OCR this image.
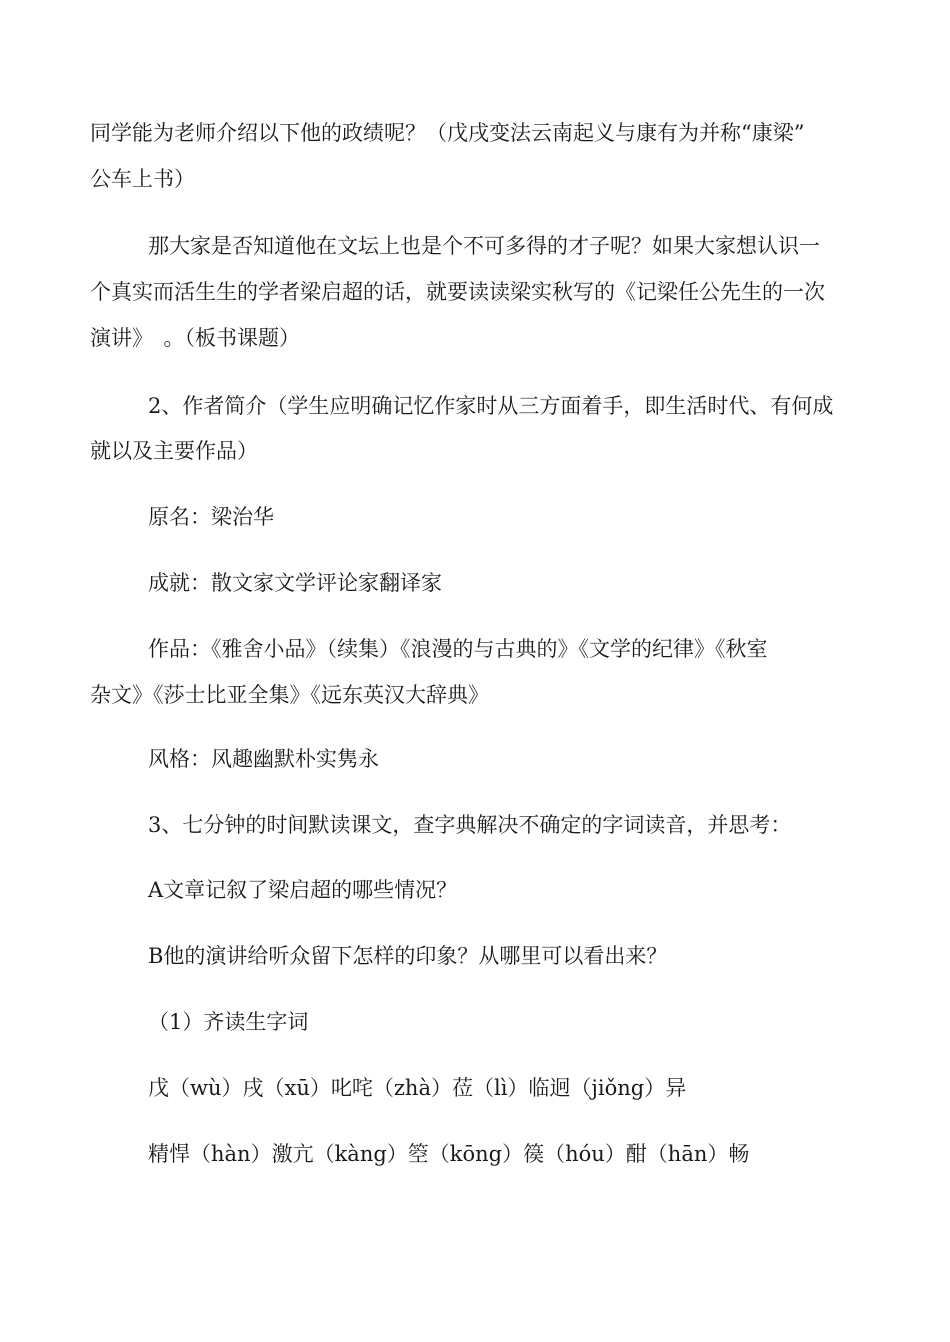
同学能为老师介绍以下他的政绩呢？（戊戌变法云南起义与康有为并称“康梁”
公车上书）
那大家是否知道他在文坛上也是个不可多得的才子呢？如果大家想认识一
个真实而活生生的学者梁启超的话，就要读读梁实秋写的《记梁任公先生的一次
演讲》　。（板书课题）
2、作者简介（学生应明确记忆作家时从三方面着手，即生活时代、有何成
就以及主要作品）
原名：梁治华
成就：散文家文学评论家翻译家
作品：《雅舍小品》（续集）《浪漫的与古典的》《文学的纪律》《秋室
杂文》《莎士比亚全集》《远东英汉大辞典》
风格：风趣幽默朴实隽永
3、七分钟的时间默读课文，查字典解决不确定的字词读音，并思考：
A文章记叙了梁启超的哪些情况？
B他的演讲给听众留下怎样的印象？从哪里可以看出来？
（1）齐读生字词
戊（wù）戌（xū）叱咤（zhà）莅（lì）临迥（jiǒng）异
精悍（hàn）激亢（kàng）箜（kōng）篌（hóu）酣（hān）畅
